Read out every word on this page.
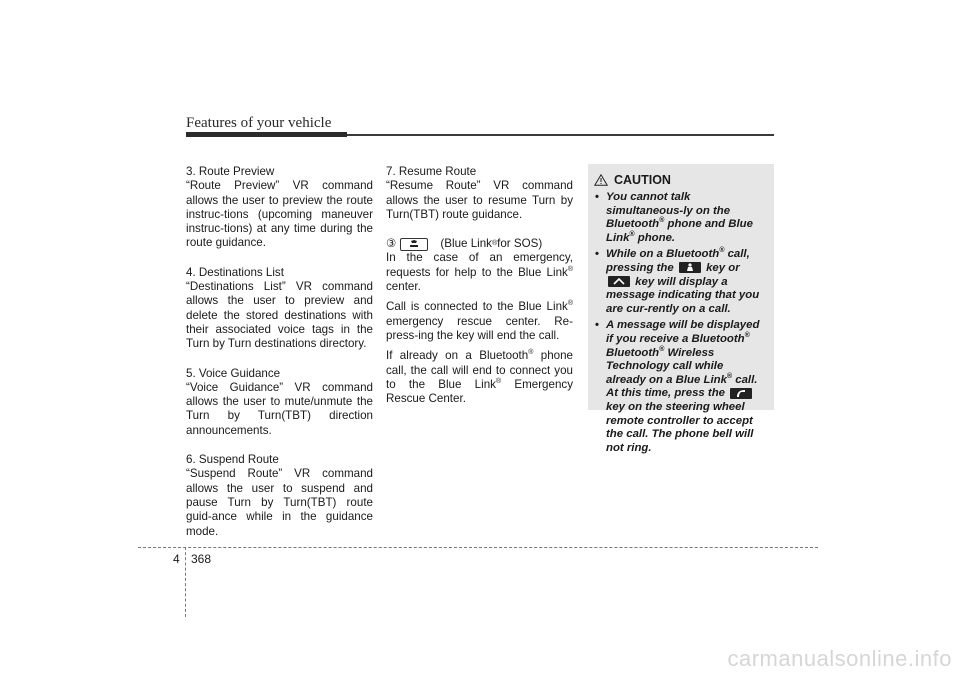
Features of your vehicle

3. Route Preview

“Route Preview” VR command allows the user to preview the route instruc-tions (upcoming maneuver instruc-tions) at any time during the route guidance.

4. Destinations List

“Destinations List” VR command allows the user to preview and delete the stored destinations with their associated voice tags in the Turn by Turn destinations directory.

5. Voice Guidance

“Voice Guidance” VR command allows the user to mute/unmute the Turn by Turn(TBT) direction announcements.

6. Suspend Route

“Suspend Route” VR command allows the user to suspend and pause Turn by Turn(TBT) route guid-ance while in the guidance mode.

7. Resume Route

“Resume Route” VR command allows the user to resume Turn by Turn(TBT) route guidance.

③	(Blue Link ® for SOS)

In the case of an emergency, requests for help to the Blue Link® center.

Call is connected to the Blue Link® emergency rescue center. Re-press-ing the key will end the call.

If already on a Bluetooth® phone call, the call will end to connect you to the Blue Link® Emergency Rescue Center.

CAUTION
• You cannot talk simultaneous-ly on the Bluetooth® phone and Blue Link® phone.
• While on a Bluetooth® call, pressing the	key or
key will display a message indicating that you are cur-rently on a call.
• A message will be displayed if you receive a Bluetooth® Bluetooth® Wireless Technology call while already on a Blue Link® call. At this time, press the
key on the steering wheel remote controller to accept the call. The phone bell will not ring.
4 368
carmanualsonline.info
